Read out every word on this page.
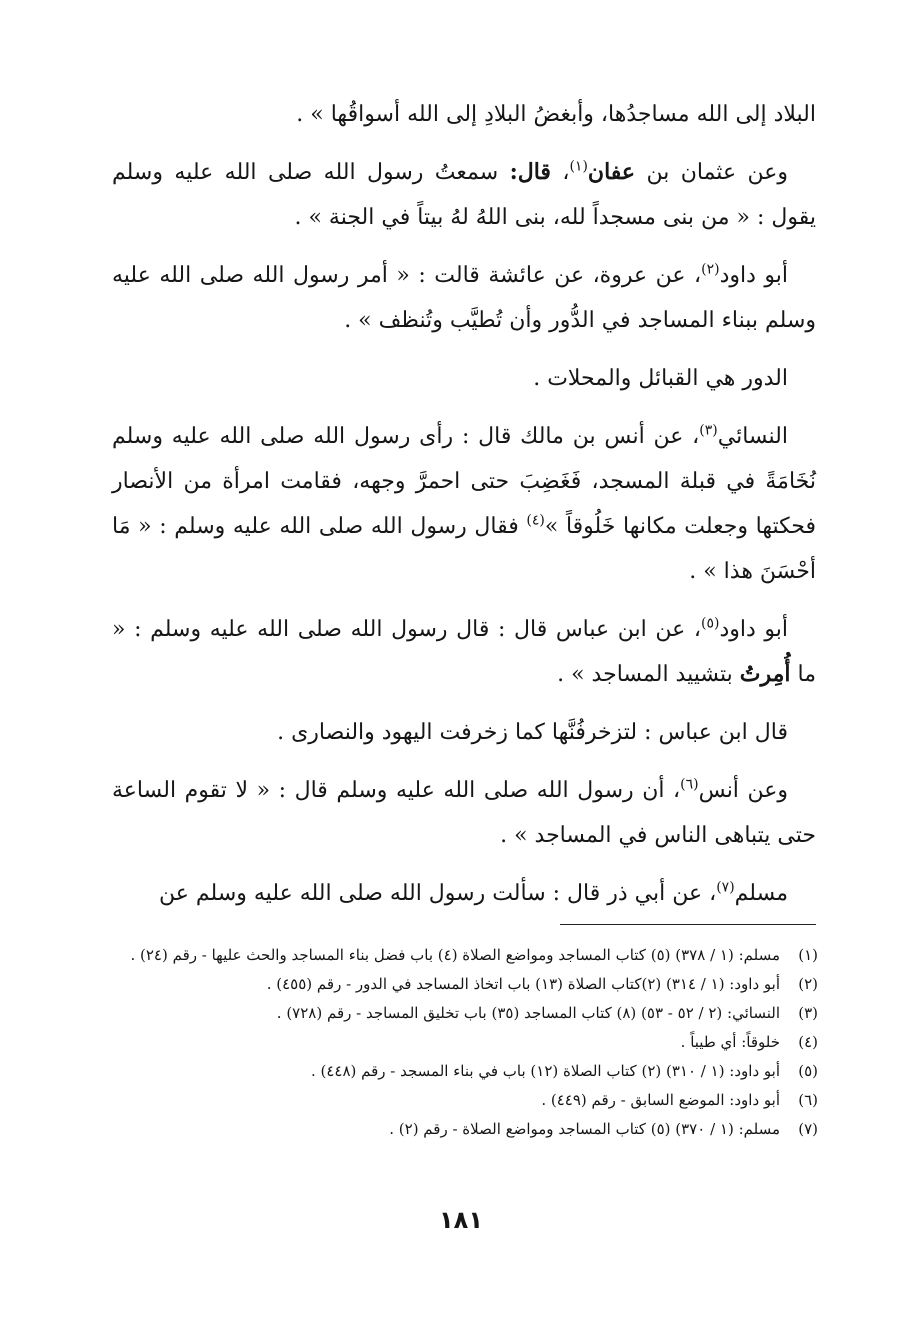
البلاد إلى الله مساجدُها، وأبغضُ البلادِ إلى الله أسواقُها » .

وعن عثمان بن عفان$^{(١)}$، قال: سمعتُ رسول الله صلى الله عليه وسلم يقول : « من بنى مسجداً لله، بنى اللهُ لهُ بيتاً في الجنة » .

أبو داود$^{(٢)}$، عن عروة، عن عائشة قالت : « أمر رسول الله صلى الله عليه وسلم ببناء المساجد في الدُّور وأن تُطيَّب وتُنظف » .

الدور هي القبائل والمحلات .

النسائي$^{(٣)}$، عن أنس بن مالك قال : رأى رسول الله صلى الله عليه وسلم نُخَامَةً في قبلة المسجد، فَغَضِبَ حتى احمرَّ وجهه، فقامت امرأة من الأنصار فحكتها وجعلت مكانها خَلُوقاً »$^{(٤)}$ فقال رسول الله صلى الله عليه وسلم : « مَا أحْسَنَ هذا » .

أبو داود$^{(٥)}$، عن ابن عباس قال : قال رسول الله صلى الله عليه وسلم : « ما أُمِرتُ بتشييد المساجد » .

قال ابن عباس : لتزخرفُنَّها كما زخرفت اليهود والنصارى .

وعن أنس$^{(٦)}$، أن رسول الله صلى الله عليه وسلم قال : « لا تقوم الساعة حتى يتباهى الناس في المساجد » .

مسلم$^{(٧)}$، عن أبي ذر قال : سألت رسول الله صلى الله عليه وسلم عن

(١)
مسلم: (١ / ٣٧٨) (٥) كتاب المساجد ومواضع الصلاة (٤) باب فضل بناء المساجد والحث عليها - رقم (٢٤) .
(٢)
أبو داود: (١ / ٣١٤) (٢)كتاب الصلاة (١٣) باب اتخاذ المساجد في الدور - رقم (٤٥٥) .
(٣)
النسائي: (٢ / ٥٢ - ٥٣) (٨) كتاب المساجد (٣٥) باب تخليق المساجد - رقم (٧٢٨) .
(٤)
خلوقاً: أي طيباً .
(٥)
أبو داود: (١ / ٣١٠) (٢) كتاب الصلاة (١٢) باب في بناء المسجد - رقم (٤٤٨) .
(٦)
أبو داود: الموضع السابق - رقم (٤٤٩) .
(٧)
مسلم: (١ / ٣٧٠) (٥) كتاب المساجد ومواضع الصلاة - رقم (٢) .
١٨١
